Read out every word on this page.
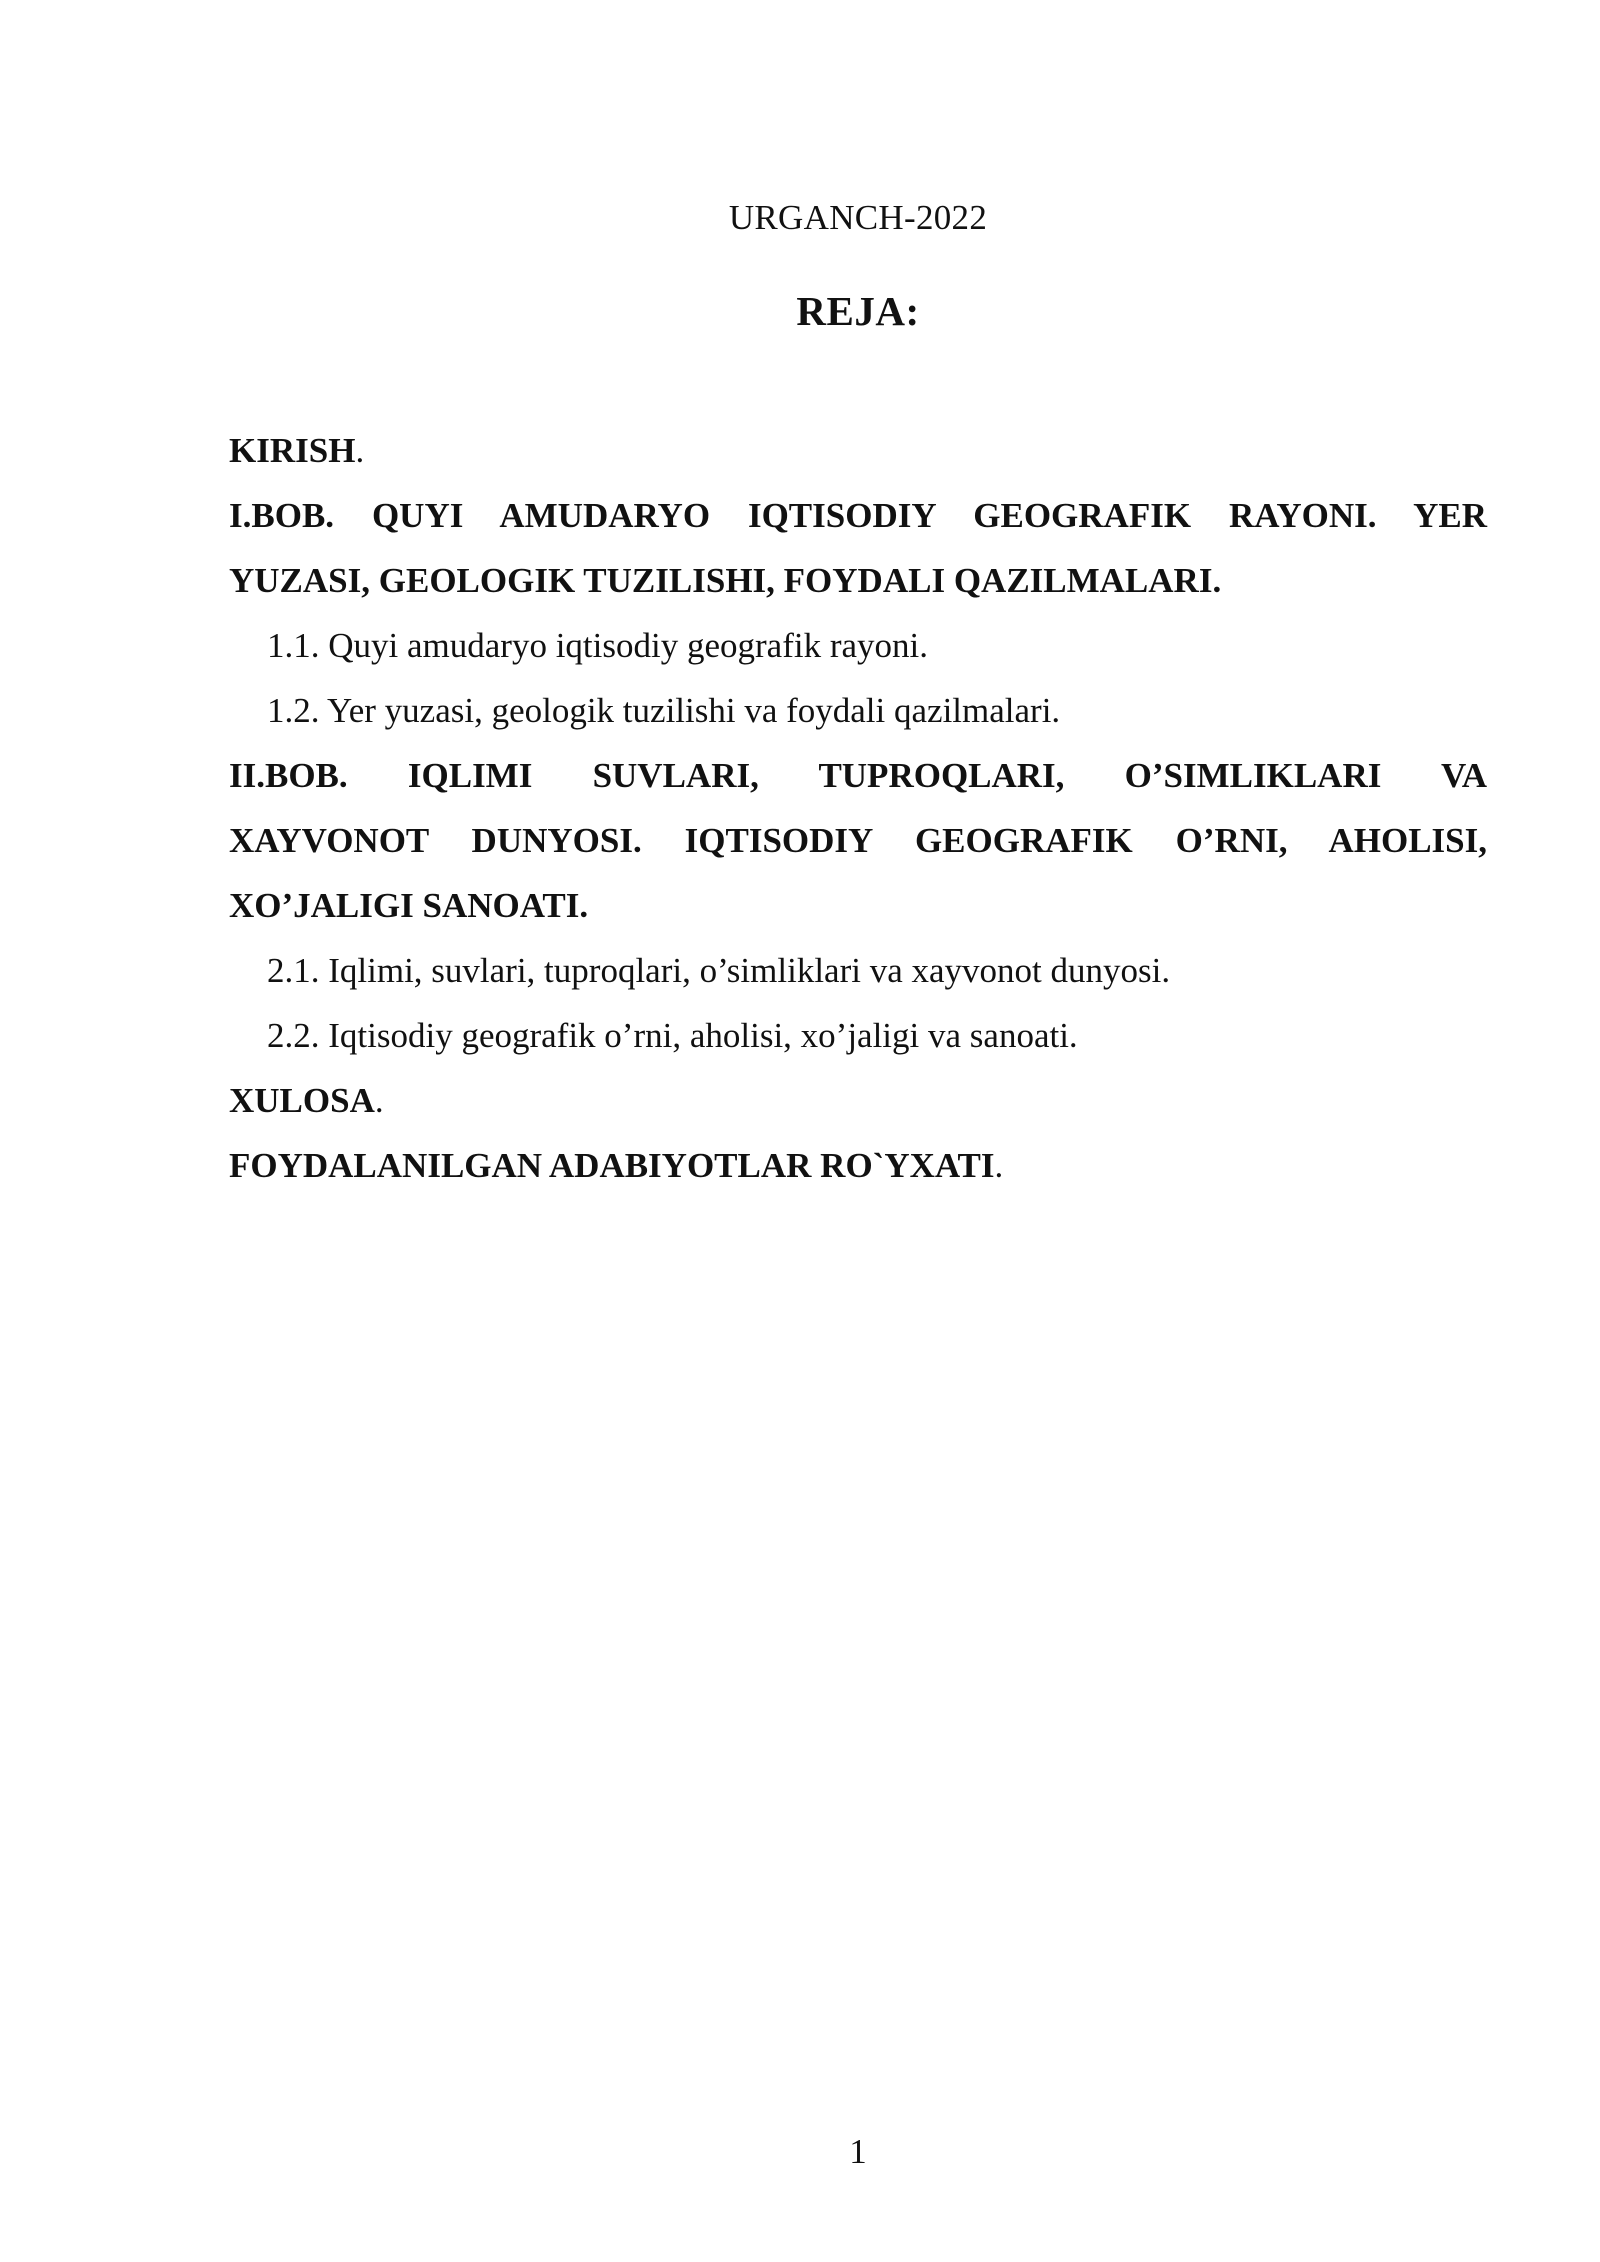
URGANCH-2022
REJA:

KIRISH.

I.BOB. QUYI AMUDARYO IQTISODIY GEOGRAFIK RAYONI. YER

YUZASI, GEOLOGIK TUZILISHI, FOYDALI QAZILMALARI.

1.1. Quyi amudaryo iqtisodiy geografik rayoni.

1.2. Yer yuzasi, geologik tuzilishi va foydali qazilmalari.

II.BOB. IQLIMI SUVLARI, TUPROQLARI, O’SIMLIKLARI VA

XAYVONOT DUNYOSI. IQTISODIY GEOGRAFIK O’RNI, AHOLISI,

XO’JALIGI SANOATI.

2.1. Iqlimi, suvlari, tuproqlari, o’simliklari va xayvonot dunyosi.

2.2. Iqtisodiy geografik o’rni, aholisi, xo’jaligi va sanoati.

XULOSA.

FOYDALANILGAN ADABIYOTLAR RO`YXATI.

1
